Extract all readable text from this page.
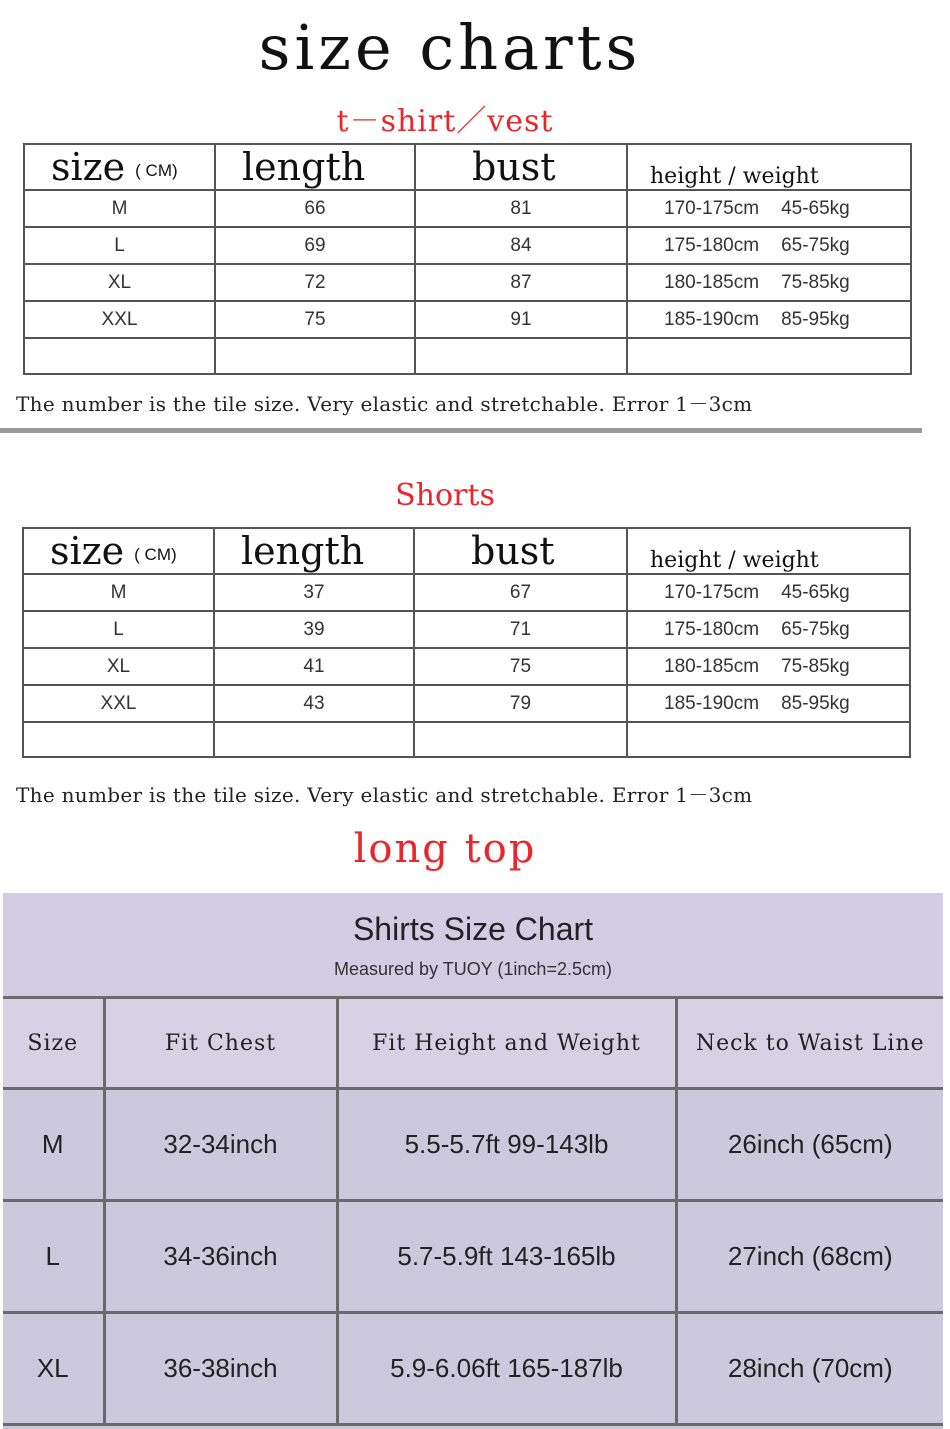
size charts
t－shirt／vest
size ( CM)	length	bust	height / weight
M	66	81	170-175cm 45-65kg
L	69	84	175-180cm 65-75kg
XL	72	87	180-185cm 75-85kg
XXL	75	91	185-190cm 85-95kg

The number is the tile size. Very elastic and stretchable. Error 1－3cm
Shorts
size ( CM)	length	bust	height / weight
M	37	67	170-175cm 45-65kg
L	39	71	175-180cm 65-75kg
XL	41	75	180-185cm 75-85kg
XXL	43	79	185-190cm 85-95kg

The number is the tile size. Very elastic and stretchable. Error 1－3cm
long top
Shirts Size Chart
Measured by TUOY (1inch=2.5cm)
Size	Fit Chest	Fit Height and Weight	Neck to Waist Line
M	32-34inch	5.5-5.7ft 99-143lb	26inch (65cm)
L	34-36inch	5.7-5.9ft 143-165lb	27inch (68cm)
XL	36-38inch	5.9-6.06ft 165-187lb	28inch (70cm)
